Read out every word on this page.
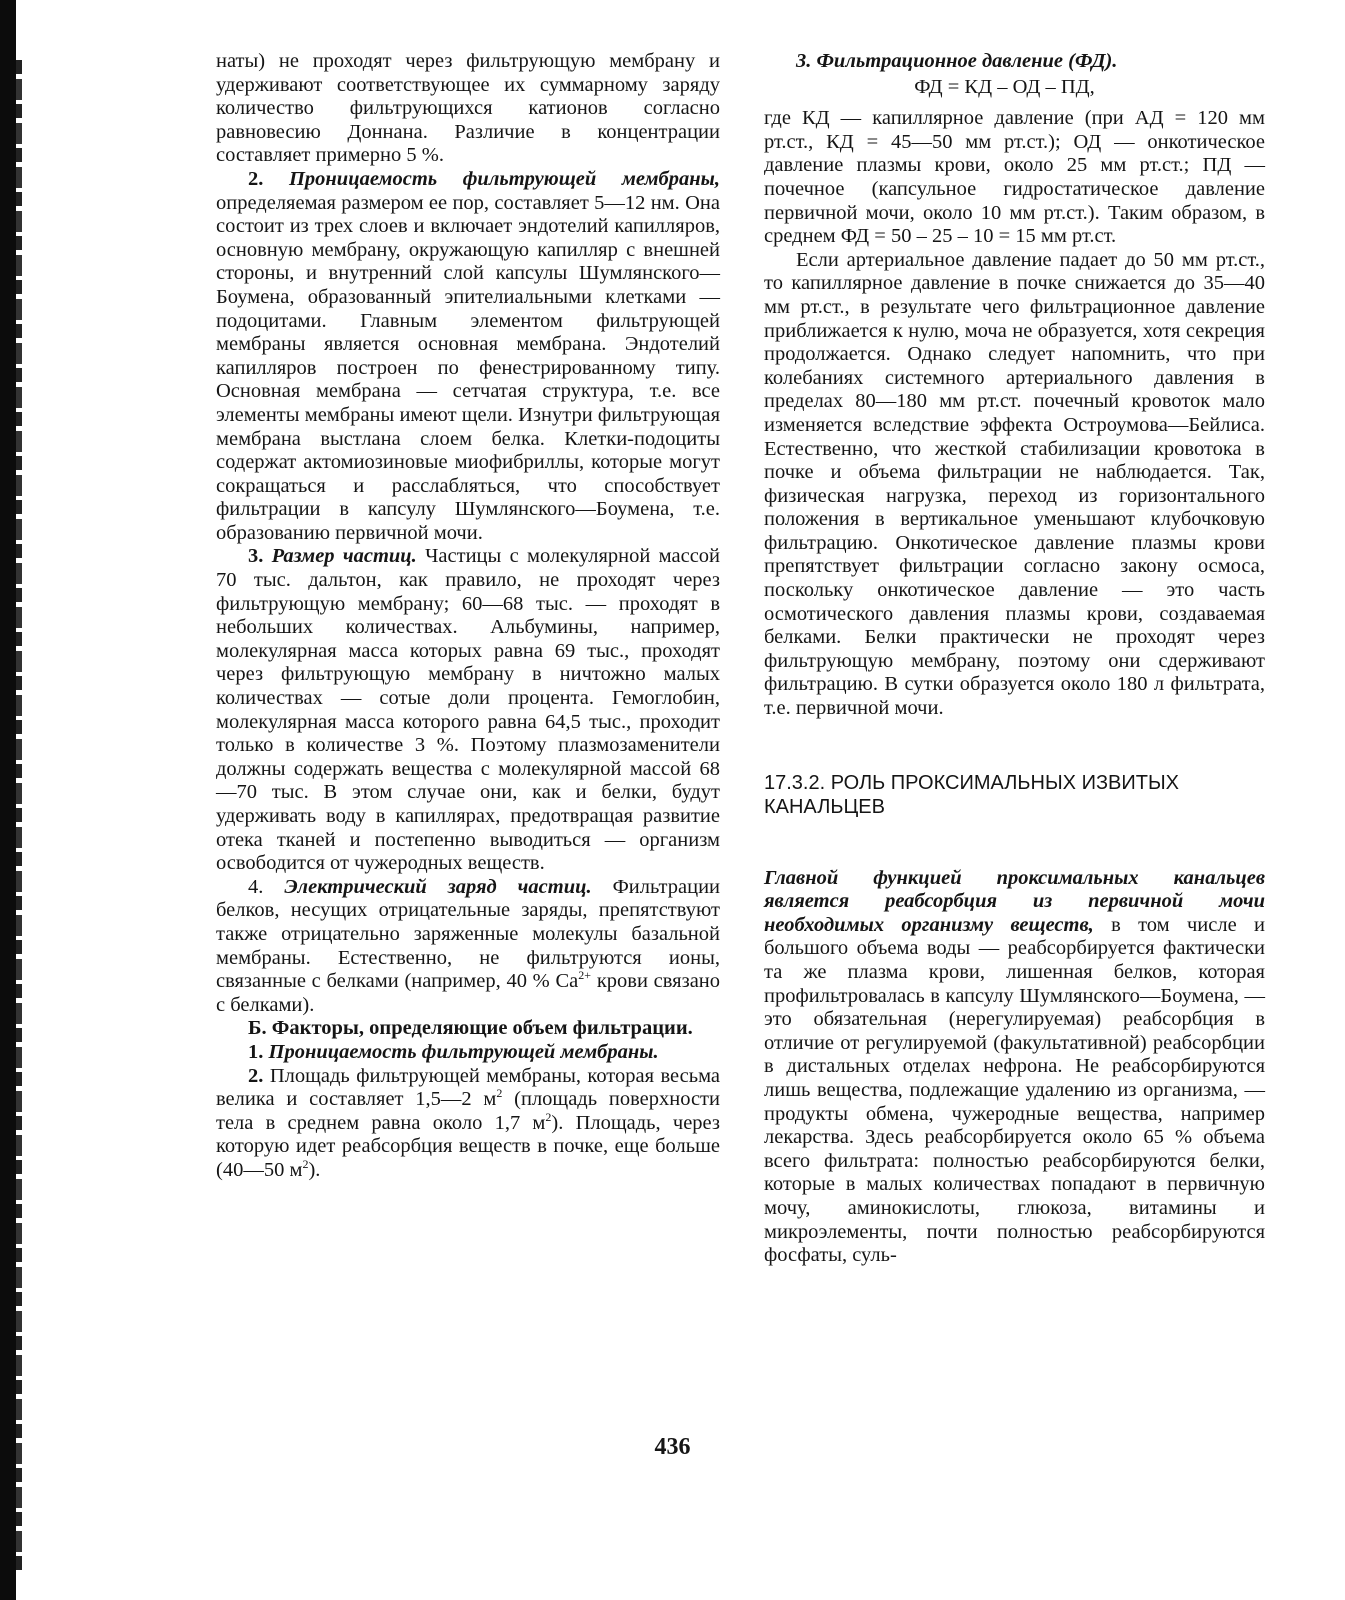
наты) не проходят через фильтрующую мембрану и удерживают соответствующее их суммарному заряду количество фильтрующихся катионов согласно равновесию Доннана. Различие в концентрации составляет примерно 5 %.

2. Проницаемость фильтрующей мембраны, определяемая размером ее пор, составляет 5—12 нм. Она состоит из трех слоев и включает эндотелий капилляров, основную мембрану, окружающую капилляр с внешней стороны, и внутренний слой капсулы Шумлянского—Боумена, образованный эпителиальными клетками — подоцитами. Главным элементом фильтрующей мембраны является основная мембрана. Эндотелий капилляров построен по фенестрированному типу. Основная мембрана — сетчатая структура, т.е. все элементы мембраны имеют щели. Изнутри фильтрующая мембрана выстлана слоем белка. Клетки-подоциты содержат актомиозиновые миофибриллы, которые могут сокращаться и расслабляться, что способствует фильтрации в капсулу Шумлянского—Боумена, т.е. образованию первичной мочи.

3. Размер частиц. Частицы с молекулярной массой 70 тыс. дальтон, как правило, не проходят через фильтрующую мембрану; 60—68 тыс. — проходят в небольших количествах. Альбумины, например, молекулярная масса которых равна 69 тыс., проходят через фильтрующую мембрану в ничтожно малых количествах — сотые доли процента. Гемоглобин, молекулярная масса которого равна 64,5 тыс., проходит только в количестве 3 %. Поэтому плазмозаменители должны содержать вещества с молекулярной массой 68—70 тыс. В этом случае они, как и белки, будут удерживать воду в капиллярах, предотвращая развитие отека тканей и постепенно выводиться — организм освободится от чужеродных веществ.

4. Электрический заряд частиц. Фильтрации белков, несущих отрицательные заряды, препятствуют также отрицательно заряженные молекулы базальной мембраны. Естественно, не фильтруются ионы, связанные с белками (например, 40 % $Ca^{2+}$ крови связано с белками).

Б. Факторы, определяющие объем фильтрации.

1. Проницаемость фильтрующей мембраны.

2. Площадь фильтрующей мембраны, которая весьма велика и составляет 1,5—2 $м^2$ (площадь поверхности тела в среднем равна около 1,7 $м^2$). Площадь, через которую идет реабсорбция веществ в почке, еще больше (40—50 $м^2$).

3. Фильтрационное давление (ФД).

ФД = КД – ОД – ПД,

где КД — капиллярное давление (при АД = 120 мм рт.ст., КД = 45—50 мм рт.ст.); ОД — онкотическое давление плазмы крови, около 25 мм рт.ст.; ПД — почечное (капсульное гидростатическое давление первичной мочи, около 10 мм рт.ст.). Таким образом, в среднем ФД = 50 – 25 – 10 = 15 мм рт.ст.

Если артериальное давление падает до 50 мм рт.ст., то капиллярное давление в почке снижается до 35—40 мм рт.ст., в результате чего фильтрационное давление приближается к нулю, моча не образуется, хотя секреция продолжается. Однако следует напомнить, что при колебаниях системного артериального давления в пределах 80—180 мм рт.ст. почечный кровоток мало изменяется вследствие эффекта Остроумова—Бейлиса. Естественно, что жесткой стабилизации кровотока в почке и объема фильтрации не наблюдается. Так, физическая нагрузка, переход из горизонтального положения в вертикальное уменьшают клубочковую фильтрацию. Онкотическое давление плазмы крови препятствует фильтрации согласно закону осмоса, поскольку онкотическое давление — это часть осмотического давления плазмы крови, создаваемая белками. Белки практически не проходят через фильтрующую мембрану, поэтому они сдерживают фильтрацию. В сутки образуется около 180 л фильтрата, т.е. первичной мочи.

17.3.2. РОЛЬ ПРОКСИМАЛЬНЫХ ИЗВИТЫХ КАНАЛЬЦЕВ

Главной функцией проксимальных канальцев является реабсорбция из первичной мочи необходимых организму веществ, в том числе и большого объема воды — реабсорбируется фактически та же плазма крови, лишенная белков, которая профильтровалась в капсулу Шумлянского—Боумена, — это обязательная (нерегулируемая) реабсорбция в отличие от регулируемой (факультативной) реабсорбции в дистальных отделах нефрона. Не реабсорбируются лишь вещества, подлежащие удалению из организма, — продукты обмена, чужеродные вещества, например лекарства. Здесь реабсорбируется около 65 % объема всего фильтрата: полностью реабсорбируются белки, которые в малых количествах попадают в первичную мочу, аминокислоты, глюкоза, витамины и микроэлементы, почти полностью реабсорбируются фосфаты, суль-

436
